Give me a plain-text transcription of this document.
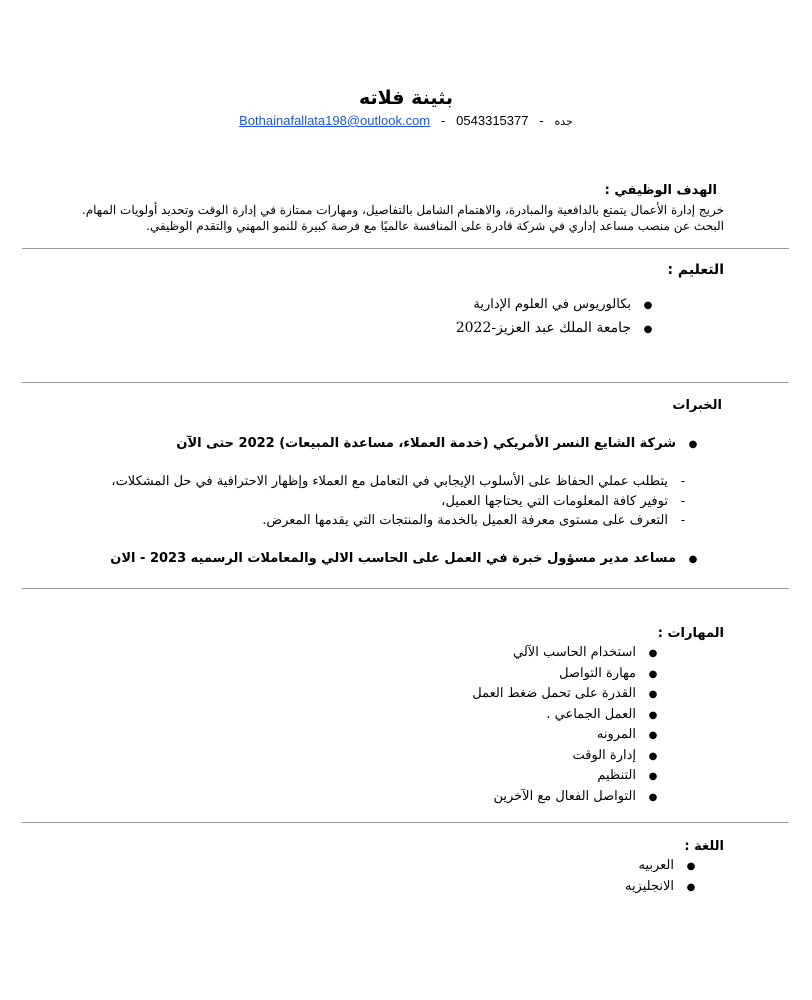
بثينة فلاته
Bothainafallata198@outlook.com   -   0543315377   -   جده
الهدف الوظيفي :
خريج إدارة الأعمال يتمتع بالدافعية والمبادرة، والاهتمام الشامل بالتفاصيل، ومهارات ممتازة في إدارة الوقت وتحديد أولويات المهام.
البحث عن منصب مساعد إداري في شركة قادرة على المنافسة عالميًا مع فرصة كبيرة للنمو المهني والتقدم الوظيفي.
التعليم :
●بكالوريوس في العلوم الإدارية
●جامعة الملك عبد العزيز-2022
الخبرات
●شركة الشايع النسر الأمريكي (خدمة العملاء، مساعدة المبيعات) 2022 حتى الآن
-يتطلب عملي الحفاظ على الأسلوب الإيجابي في التعامل مع العملاء وإظهار الاحترافية في حل المشكلات،
-توفير كافة المعلومات التي يحتاجها العميل،
-التعرف على مستوى معرفة العميل بالخدمة والمنتجات التي يقدمها المعرض.
●مساعد مدير مسؤول خبرة في العمل على الحاسب الالي والمعاملات الرسميه 2023 - الان
المهارات :
●استخدام الحاسب الآلي
●مهارة التواصل
●القدرة على تحمل ضغط العمل
●العمل الجماعي .
●المرونه
●إدارة الوقت
●التنظيم
●التواصل الفعال مع الآخرين
اللغة :
●العربيه
●الانجليزيه
